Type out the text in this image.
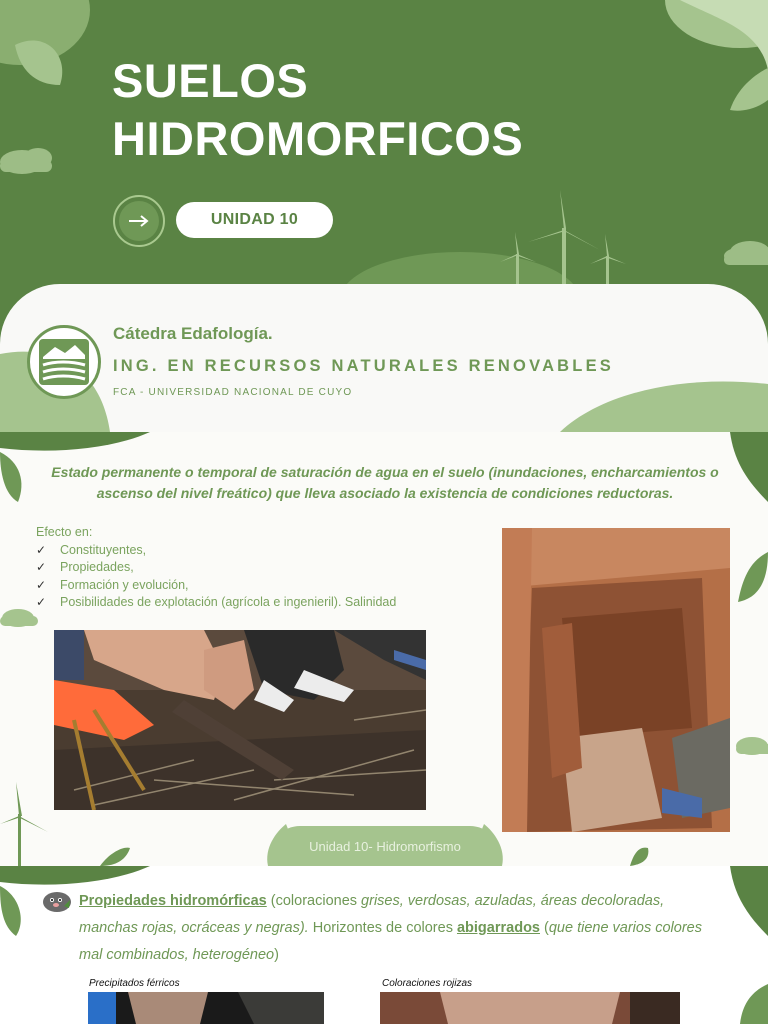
SUELOS
HIDROMORFICOS
UNIDAD 10
Cátedra Edafología.
ING. EN RECURSOS NATURALES RENOVABLES
FCA - UNIVERSIDAD NACIONAL DE CUYO
Estado permanente o temporal de saturación de agua en el suelo (inundaciones, encharcamientos o ascenso del nivel freático) que lleva asociado la existencia de condiciones reductoras.
Efecto en:
✓ Constituyentes,
✓ Propiedades,
✓ Formación y evolución,
✓ Posibilidades de explotación (agrícola e ingenieril). Salinidad
Unidad 10- Hidromorfismo
Propiedades hidromórficas (coloraciones grises, verdosas, azuladas, áreas decoloradas, manchas rojas, ocráceas y negras). Horizontes de colores abigarrados (que tiene varios colores mal combinados, heterogéneo)
Precipitados férricos	Coloraciones rojizas
